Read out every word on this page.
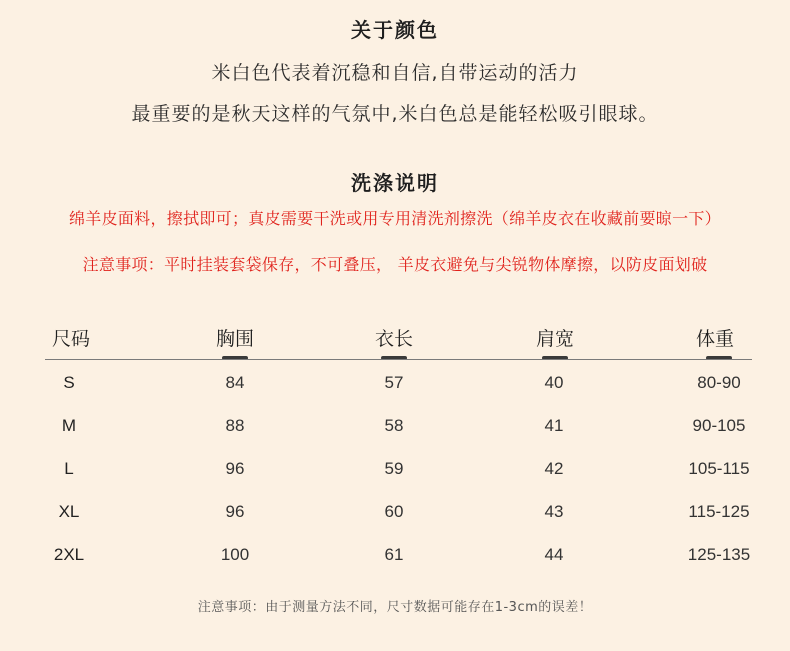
关于颜色
米白色代表着沉稳和自信,自带运动的活力
最重要的是秋天这样的气氛中,米白色总是能轻松吸引眼球。
洗涤说明
绵羊皮面料，擦拭即可；真皮需要干洗或用专用清洗剂擦洗（绵羊皮衣在收藏前要晾一下）
注意事项：平时挂装套袋保存，不可叠压， 羊皮衣避免与尖锐物体摩擦，以防皮面划破
尺码	胸围	衣长	肩宽	体重
S	84	57	40	80-90
M	88	58	41	90-105
L	96	59	42	105-115
XL	96	60	43	115-125
2XL	100	61	44	125-135
注意事项：由于测量方法不同，尺寸数据可能存在1-3cm的误差！
